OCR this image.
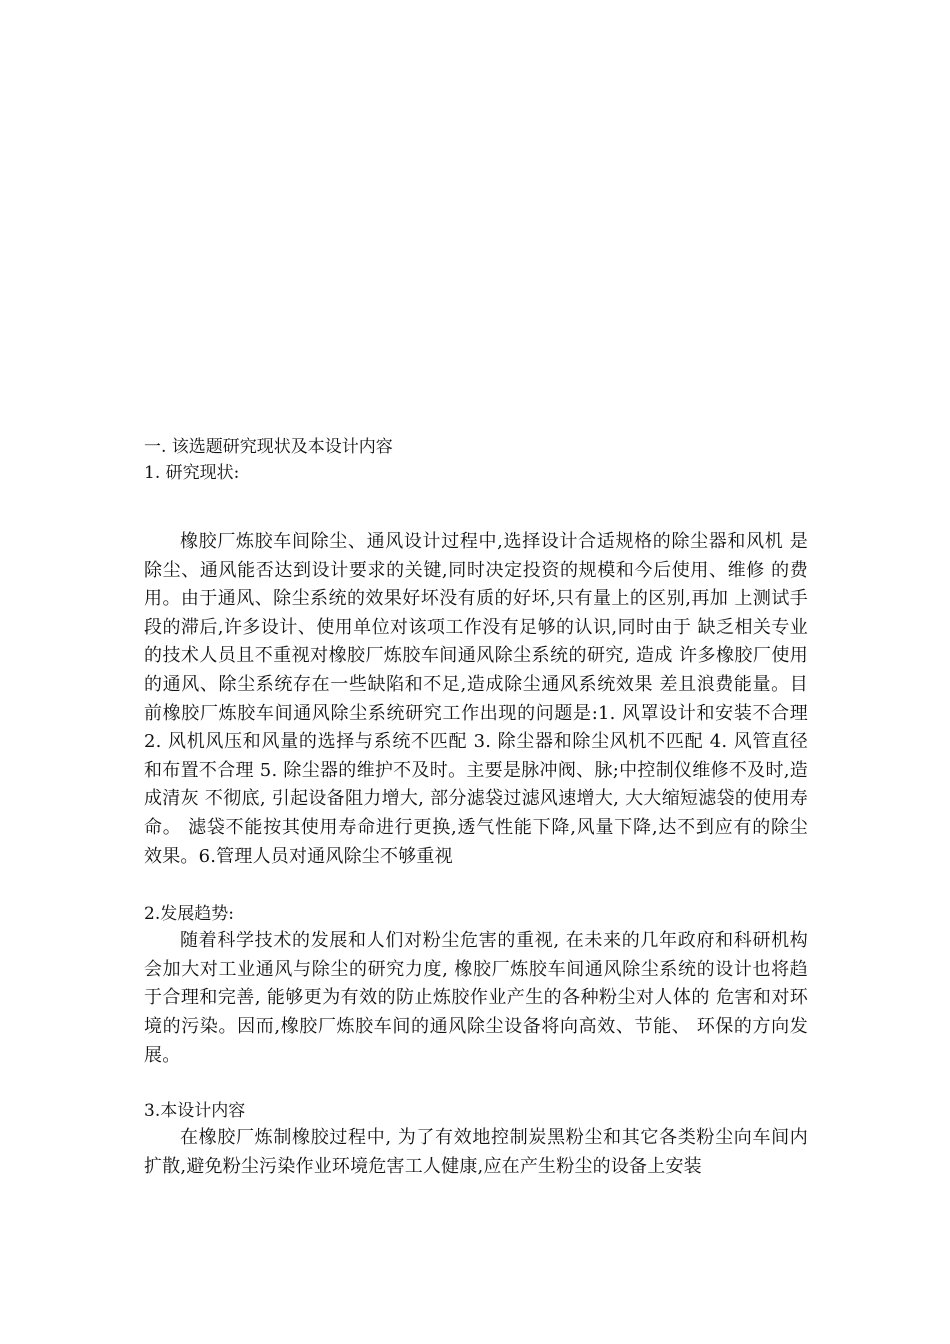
一. 该选题研究现状及本设计内容

1. 研究现状:

橡胶厂炼胶车间除尘、通风设计过程中,选择设计合适规格的除尘器和风机 是除尘、通风能否达到设计要求的关键,同时决定投资的规模和今后使用、维修 的费用。由于通风、除尘系统的效果好坏没有质的好坏,只有量上的区别,再加 上测试手段的滞后,许多设计、使用单位对该项工作没有足够的认识,同时由于 缺乏相关专业的技术人员且不重视对橡胶厂炼胶车间通风除尘系统的研究, 造成 许多橡胶厂使用的通风、除尘系统存在一些缺陷和不足,造成除尘通风系统效果 差且浪费能量。目前橡胶厂炼胶车间通风除尘系统研究工作出现的问题是:1. 风罩设计和安装不合理 2. 风机风压和风量的选择与系统不匹配 3. 除尘器和除尘风机不匹配 4. 风管直径和布置不合理 5. 除尘器的维护不及时。主要是脉冲阀、脉;中控制仪维修不及时,造成清灰 不彻底, 引起设备阻力增大, 部分滤袋过滤风速增大, 大大缩短滤袋的使用寿命。 滤袋不能按其使用寿命进行更换,透气性能下降,风量下降,达不到应有的除尘 效果。6.管理人员对通风除尘不够重视

2.发展趋势:

随着科学技术的发展和人们对粉尘危害的重视, 在未来的几年政府和科研机构会加大对工业通风与除尘的研究力度, 橡胶厂炼胶车间通风除尘系统的设计也将趋于合理和完善, 能够更为有效的防止炼胶作业产生的各种粉尘对人体的 危害和对环境的污染。因而,橡胶厂炼胶车间的通风除尘设备将向高效、节能、 环保的方向发展。

3.本设计内容

在橡胶厂炼制橡胶过程中, 为了有效地控制炭黑粉尘和其它各类粉尘向车间内扩散,避免粉尘污染作业环境危害工人健康,应在产生粉尘的设备上安装
